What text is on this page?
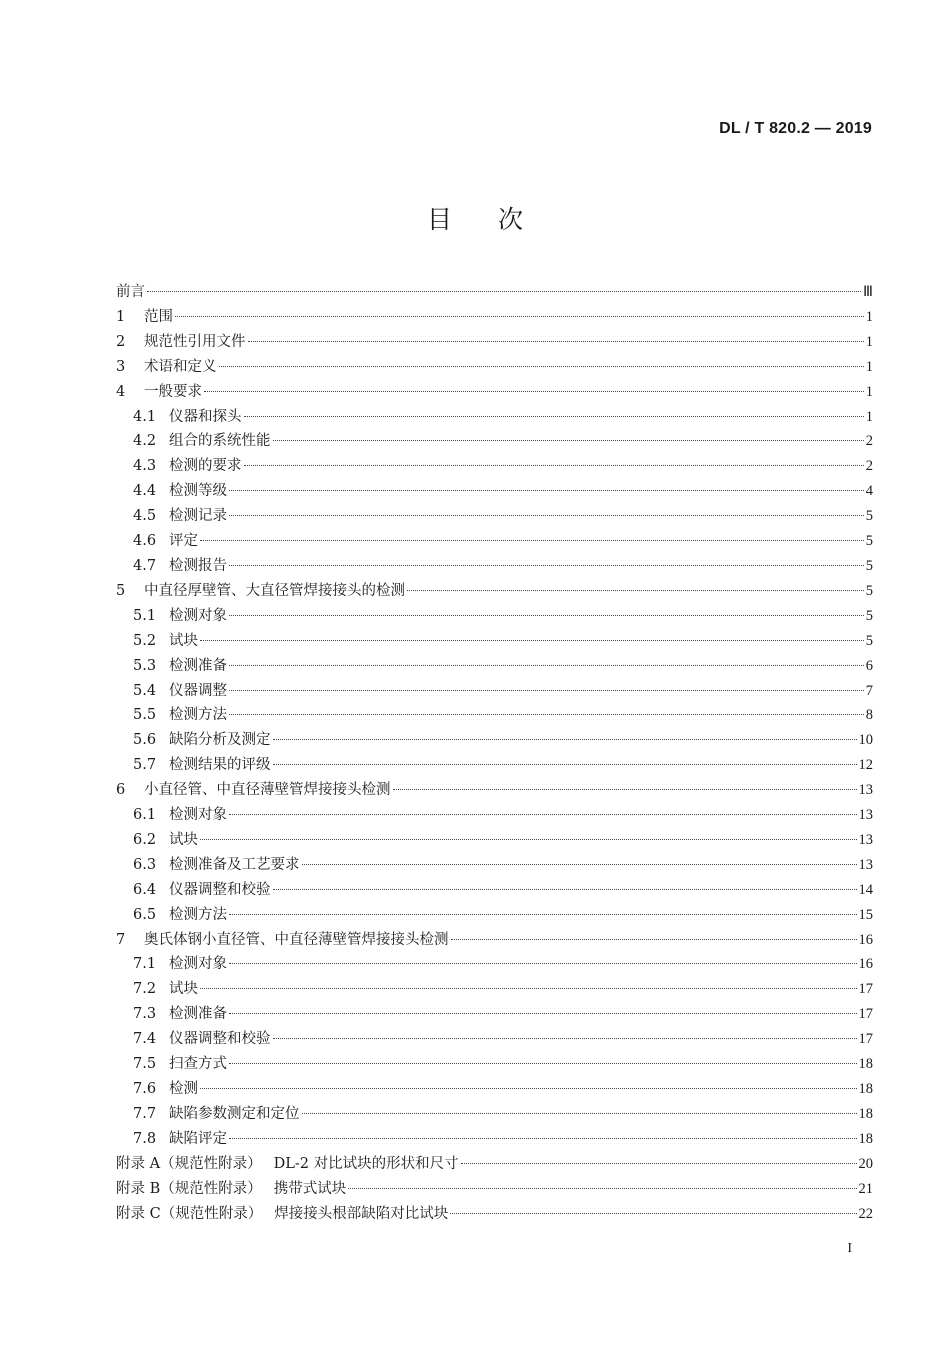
DL / T 820.2 — 2019
目 次
前言	Ⅲ
1	范围	1
2	规范性引用文件	1
3	术语和定义	1
4	一般要求	1
4.1 仪器和探头	1
4.2 组合的系统性能	2
4.3 检测的要求	2
4.4 检测等级	4
4.5 检测记录	5
4.6 评定	5
4.7 检测报告	5
5	中直径厚壁管、大直径管焊接接头的检测	5
5.1 检测对象	5
5.2 试块	5
5.3 检测准备	6
5.4 仪器调整	7
5.5 检测方法	8
5.6 缺陷分析及测定	10
5.7 检测结果的评级	12
6	小直径管、中直径薄壁管焊接接头检测	13
6.1 检测对象	13
6.2 试块	13
6.3 检测准备及工艺要求	13
6.4 仪器调整和校验	14
6.5 检测方法	15
7	奥氏体钢小直径管、中直径薄壁管焊接接头检测	16
7.1 检测对象	16
7.2 试块	17
7.3 检测准备	17
7.4 仪器调整和校验	17
7.5 扫查方式	18
7.6 检测	18
7.7 缺陷参数测定和定位	18
7.8 缺陷评定	18
附录 A（规范性附录） DL-2 对比试块的形状和尺寸	20
附录 B（规范性附录） 携带式试块	21
附录 C（规范性附录） 焊接接头根部缺陷对比试块	22
I
